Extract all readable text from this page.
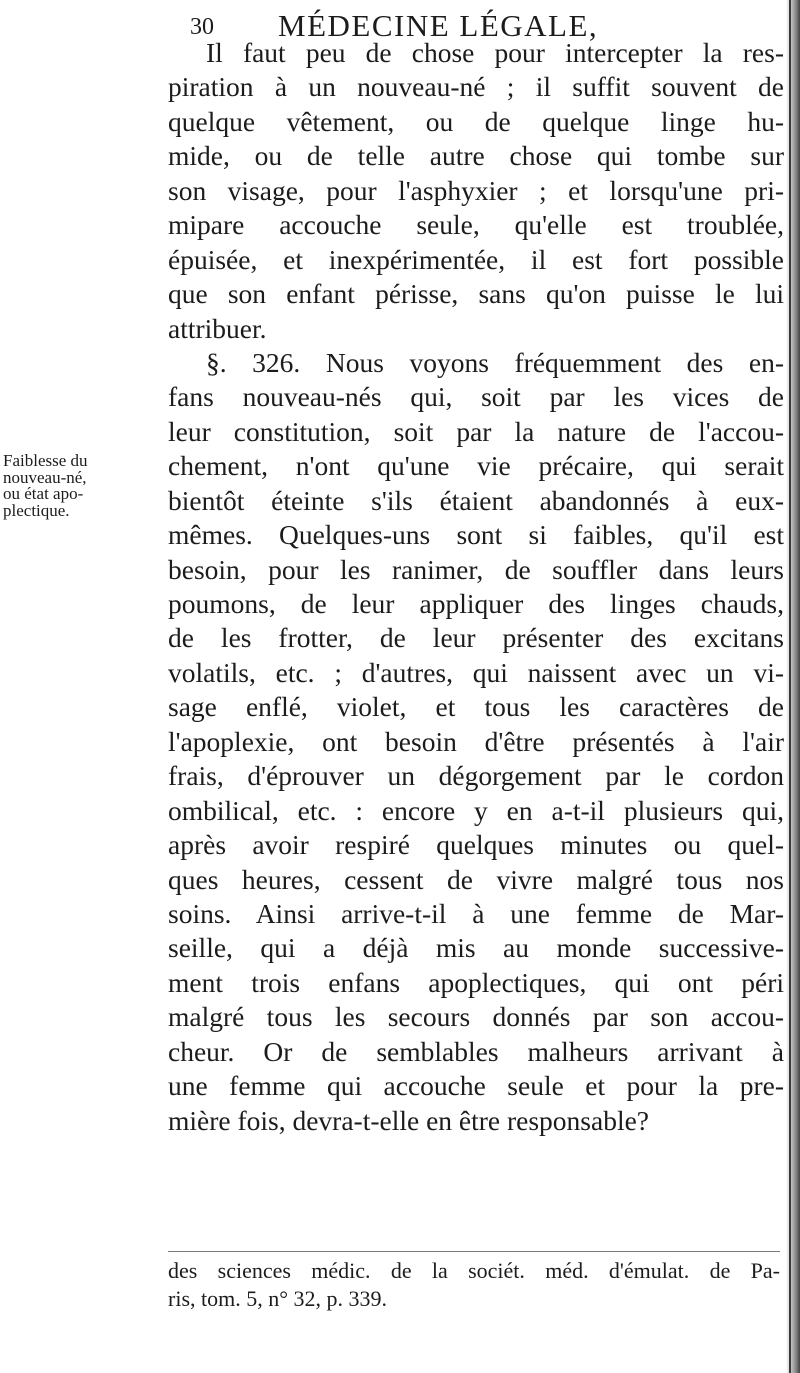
30 MÉDECINE LÉGALE,
Faiblesse du
nouveau-né,
ou état apo-
plectique.
Il faut peu de chose pour intercepter la res-
piration à un nouveau-né ; il suffit souvent de
quelque vêtement, ou de quelque linge hu-
mide, ou de telle autre chose qui tombe sur
son visage, pour l'asphyxier ; et lorsqu'une pri-
mipare accouche seule, qu'elle est troublée,
épuisée, et inexpérimentée, il est fort possible
que son enfant périsse, sans qu'on puisse le lui
attribuer.
§. 326. Nous voyons fréquemment des en-
fans nouveau-nés qui, soit par les vices de
leur constitution, soit par la nature de l'accou-
chement, n'ont qu'une vie précaire, qui serait
bientôt éteinte s'ils étaient abandonnés à eux-
mêmes. Quelques-uns sont si faibles, qu'il est
besoin, pour les ranimer, de souffler dans leurs
poumons, de leur appliquer des linges chauds,
de les frotter, de leur présenter des excitans
volatils, etc. ; d'autres, qui naissent avec un vi-
sage enflé, violet, et tous les caractères de
l'apoplexie, ont besoin d'être présentés à l'air
frais, d'éprouver un dégorgement par le cordon
ombilical, etc. : encore y en a-t-il plusieurs qui,
après avoir respiré quelques minutes ou quel-
ques heures, cessent de vivre malgré tous nos
soins. Ainsi arrive-t-il à une femme de Mar-
seille, qui a déjà mis au monde successive-
ment trois enfans apoplectiques, qui ont péri
malgré tous les secours donnés par son accou-
cheur. Or de semblables malheurs arrivant à
une femme qui accouche seule et pour la pre-
mière fois, devra-t-elle en être responsable?
des sciences médic. de la sociét. méd. d'émulat. de Pa-
ris, tom. 5, n° 32, p. 339.
